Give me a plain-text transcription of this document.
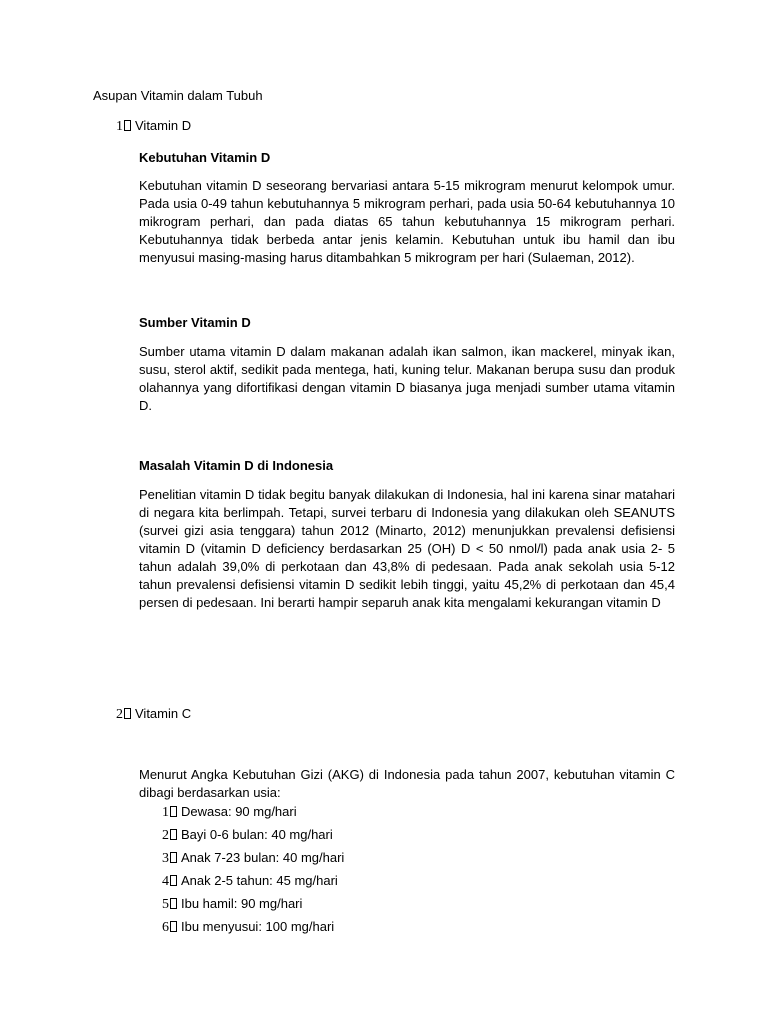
Asupan Vitamin dalam Tubuh
1 Vitamin D
Kebutuhan Vitamin D
Kebutuhan vitamin D seseorang bervariasi antara 5-15 mikrogram menurut kelompok umur. Pada usia 0-49 tahun kebutuhannya 5 mikrogram perhari, pada usia 50-64 kebutuhannya 10 mikrogram perhari, dan pada diatas 65 tahun kebutuhannya 15 mikrogram perhari. Kebutuhannya tidak berbeda antar jenis kelamin. Kebutuhan untuk ibu hamil dan ibu menyusui masing-masing harus ditambahkan 5 mikrogram per hari (Sulaeman, 2012).
Sumber Vitamin D
Sumber utama vitamin D dalam makanan adalah ikan salmon, ikan mackerel, minyak ikan, susu, sterol aktif, sedikit pada mentega, hati, kuning telur. Makanan berupa susu dan produk olahannya yang difortifikasi dengan vitamin D biasanya juga menjadi sumber utama vitamin D.
Masalah Vitamin D di Indonesia
Penelitian vitamin D tidak begitu banyak dilakukan di Indonesia, hal ini karena sinar matahari di negara kita berlimpah. Tetapi, survei terbaru di Indonesia yang dilakukan oleh SEANUTS (survei gizi asia tenggara) tahun 2012 (Minarto, 2012) menunjukkan prevalensi defisiensi vitamin D (vitamin D deficiency berdasarkan 25 (OH) D < 50 nmol/l) pada anak usia 2- 5 tahun adalah 39,0% di perkotaan dan 43,8% di pedesaan. Pada anak sekolah usia 5-12 tahun prevalensi defisiensi vitamin D sedikit lebih tinggi, yaitu 45,2% di perkotaan dan 45,4 persen di pedesaan. Ini berarti hampir separuh anak kita mengalami kekurangan vitamin D
2 Vitamin C
Menurut Angka Kebutuhan Gizi (AKG) di Indonesia pada tahun 2007, kebutuhan vitamin C dibagi berdasarkan usia:
1 Dewasa: 90 mg/hari
2 Bayi 0-6 bulan: 40 mg/hari
3 Anak 7-23 bulan: 40 mg/hari
4 Anak 2-5 tahun: 45 mg/hari
5 Ibu hamil: 90 mg/hari
6 Ibu menyusui: 100 mg/hari
